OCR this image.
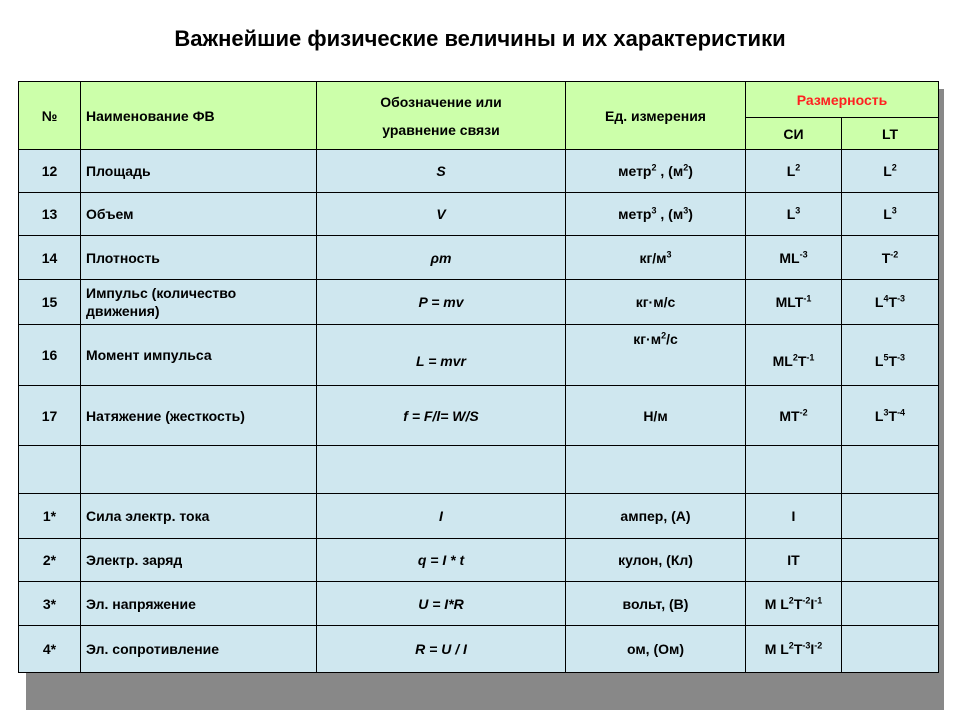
Важнейшие физические величины и их характеристики
№	Наименование ФВ	Обозначение или
уравнение связи	Ед. измерения	Размерность	
				СИ	LT
12	Площадь	S	метр$^2$ , $(м^2)$	$L^2$	$L^2$
13	Объем	V	метр$^3$ , $(м^3)$	$L^3$	$L^3$
14	Плотность	ρm	$кг/м^3$	$ML^{-3}$	$T^{-2}$
15	Импульс (количество движения)	P = mv	кг·м/с	$MLT^{-1}$	$L^4T^{-3}$
16	Момент импульса	L = mvr	$кг\cdot м^2/с$	$ML^2T^{-1}$	$L^5T^{-3}$
17	Натяжение (жесткость)	f = F/l= W/S	Н/м	$MT^{-2}$	$L^3T^{-4}$

1*	Сила электр. тока	I	ампер, (А)	I	
2*	Электр. заряд	q = I * t	кулон, (Кл)	IT	
3*	Эл. напряжение	U = I*R	вольт, (В)	M $L^2T^{-2}I^{-1}$	
4*	Эл. сопротивление	R = U / I	ом, (Ом)	M $L^2T^{-3}I^{-2}$	
